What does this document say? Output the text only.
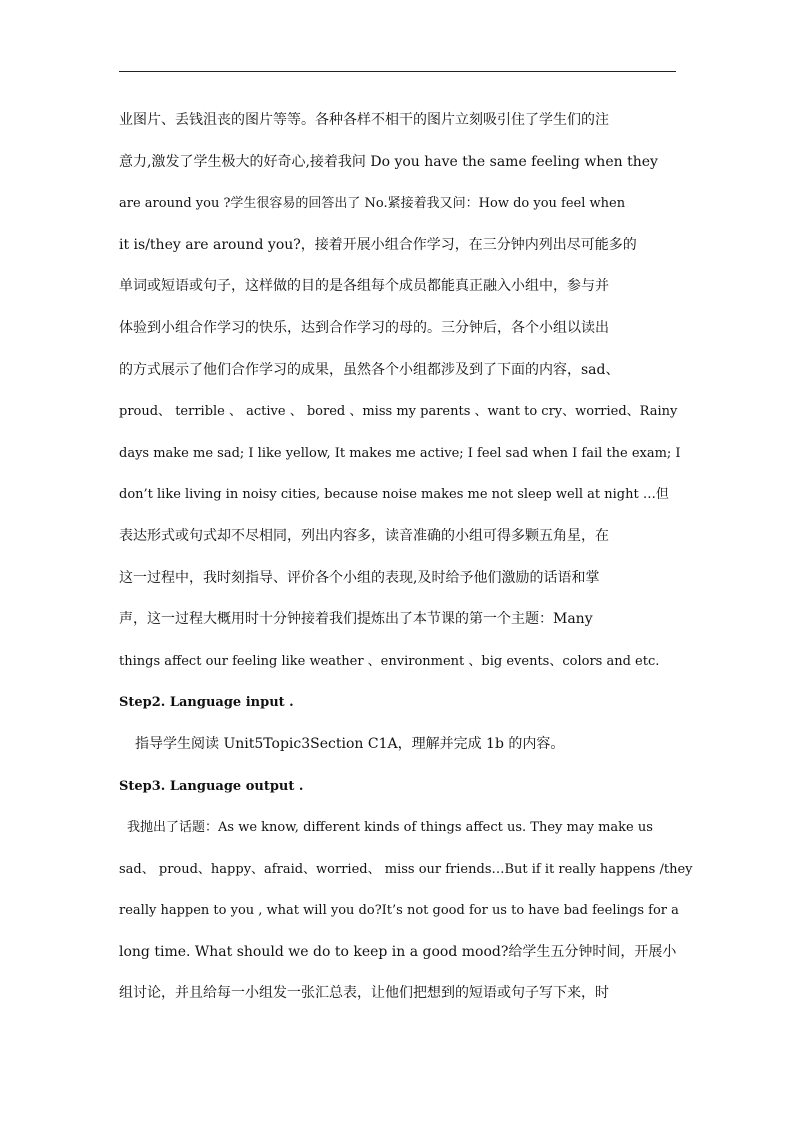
业图片、丢钱沮丧的图片等等。各种各样不相干的图片立刻吸引住了学生们的注
意力,激发了学生极大的好奇心,接着我问 Do you have the same feeling when they
are around you ?学生很容易的回答出了 No.紧接着我又问：How do you feel when
it is/they are around you?，接着开展小组合作学习，在三分钟内列出尽可能多的
单词或短语或句子，这样做的目的是各组每个成员都能真正融入小组中，参与并
体验到小组合作学习的快乐，达到合作学习的母的。三分钟后，各个小组以读出
的方式展示了他们合作学习的成果，虽然各个小组都涉及到了下面的内容，sad、
proud、 terrible 、 active 、 bored 、miss my parents 、want to cry、worried、Rainy
days make me sad; I like yellow, It makes me active; I feel sad when I fail the exam; I
don’t like living in noisy cities, because noise makes me not sleep well at night …但
表达形式或句式却不尽相同，列出内容多，读音准确的小组可得多颗五角星，在
这一过程中，我时刻指导、评价各个小组的表现,及时给予他们激励的话语和掌
声，这一过程大概用时十分钟接着我们提炼出了本节课的第一个主题：Many
things affect our feeling like weather 、environment 、big events、colors and etc.
Step2. Language input .
指导学生阅读 Unit5Topic3Section C1A，理解并完成 1b 的内容。
Step3. Language output .
我抛出了话题：As we know, different kinds of things affect us. They may make us
sad、 proud、happy、afraid、worried、 miss our friends…But if it really happens /they
really happen to you , what will you do?It’s not good for us to have bad feelings for a
long time. What should we do to keep in a good mood?给学生五分钟时间，开展小
组讨论，并且给每一小组发一张汇总表，让他们把想到的短语或句子写下来，时
